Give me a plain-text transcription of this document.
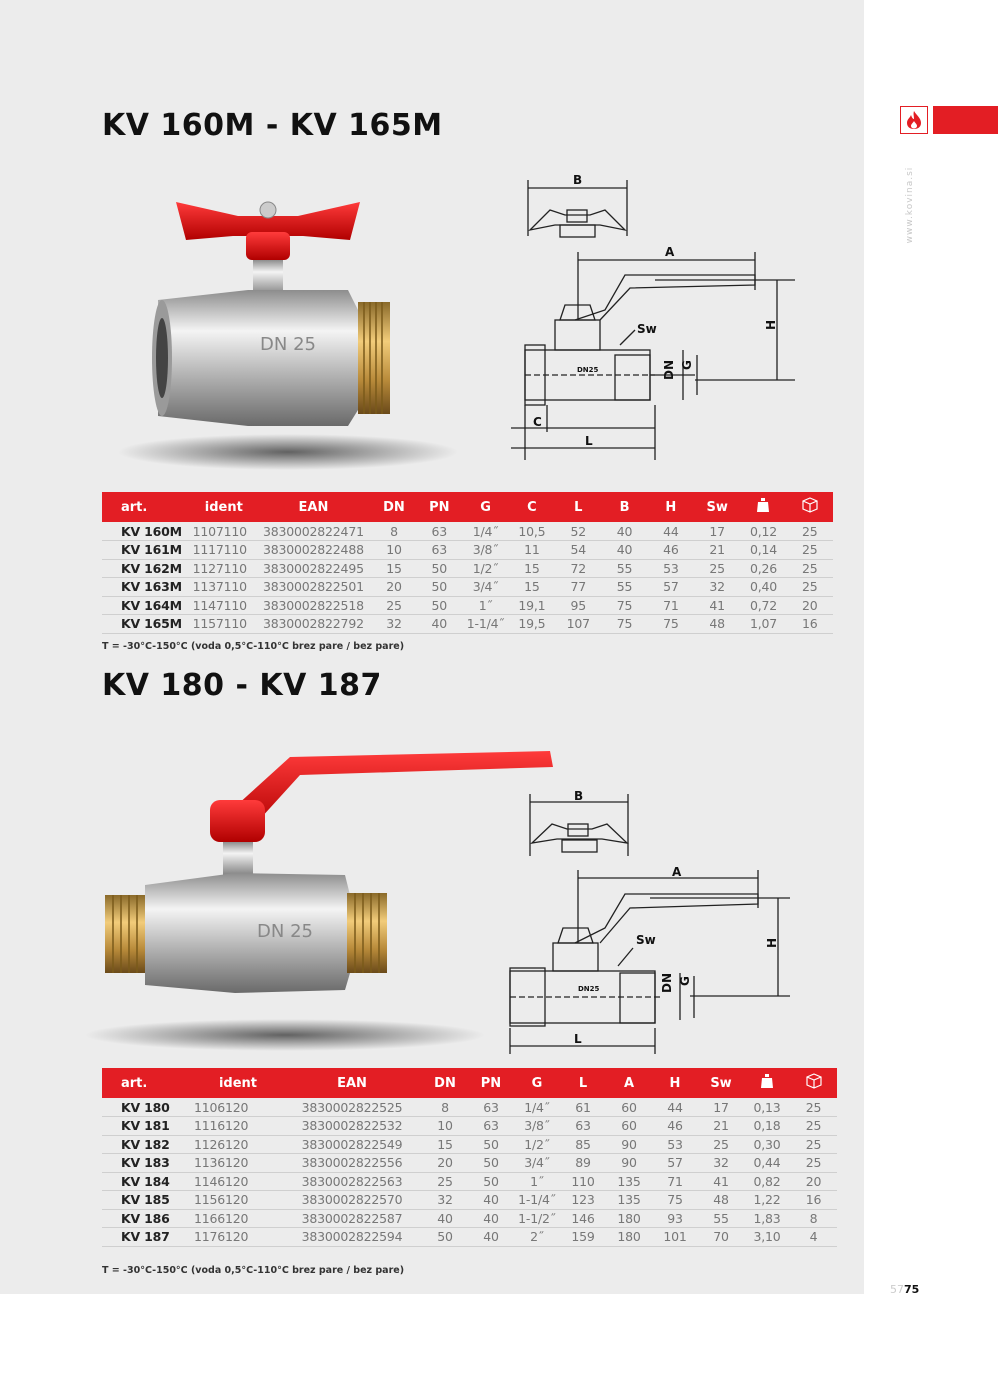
KV 160M - KV 165M
DN 25
B
A
Sw	H
DN G
C
L
DN25
art.	ident	EAN	DN	PN	G	C	L	B	H	Sw		
KV 160M	1107110	3830002822471	8	63	1/4˝	10,5	52	40	44	17	0,12	25
KV 161M	1117110	3830002822488	10	63	3/8˝	11	54	40	46	21	0,14	25
KV 162M	1127110	3830002822495	15	50	1/2˝	15	72	55	53	25	0,26	25
KV 163M	1137110	3830002822501	20	50	3/4˝	15	77	55	57	32	0,40	25
KV 164M	1147110	3830002822518	25	50	1˝	19,1	95	75	71	41	0,72	20
KV 165M	1157110	3830002822792	32	40	1-1/4˝	19,5	107	75	75	48	1,07	16
T = -30°C-150°C (voda 0,5°C-110°C brez pare / bez pare)
KV 180 - KV 187
DN 25
B
A
Sw	H
DN G
L
DN25
art.	ident	EAN	DN	PN	G	L	A	H	Sw		
KV 180	1106120	3830002822525	8	63	1/4˝	61	60	44	17	0,13	25
KV 181	1116120	3830002822532	10	63	3/8˝	63	60	46	21	0,18	25
KV 182	1126120	3830002822549	15	50	1/2˝	85	90	53	25	0,30	25
KV 183	1136120	3830002822556	20	50	3/4˝	89	90	57	32	0,44	25
KV 184	1146120	3830002822563	25	50	1˝	110	135	71	41	0,82	20
KV 185	1156120	3830002822570	32	40	1-1/4˝	123	135	75	48	1,22	16
KV 186	1166120	3830002822587	40	40	1-1/2˝	146	180	93	55	1,83	8
KV 187	1176120	3830002822594	50	40	2˝	159	180	101	70	3,10	4
T = -30°C-150°C (voda 0,5°C-110°C brez pare / bez pare)
www.kovina.si
5775
